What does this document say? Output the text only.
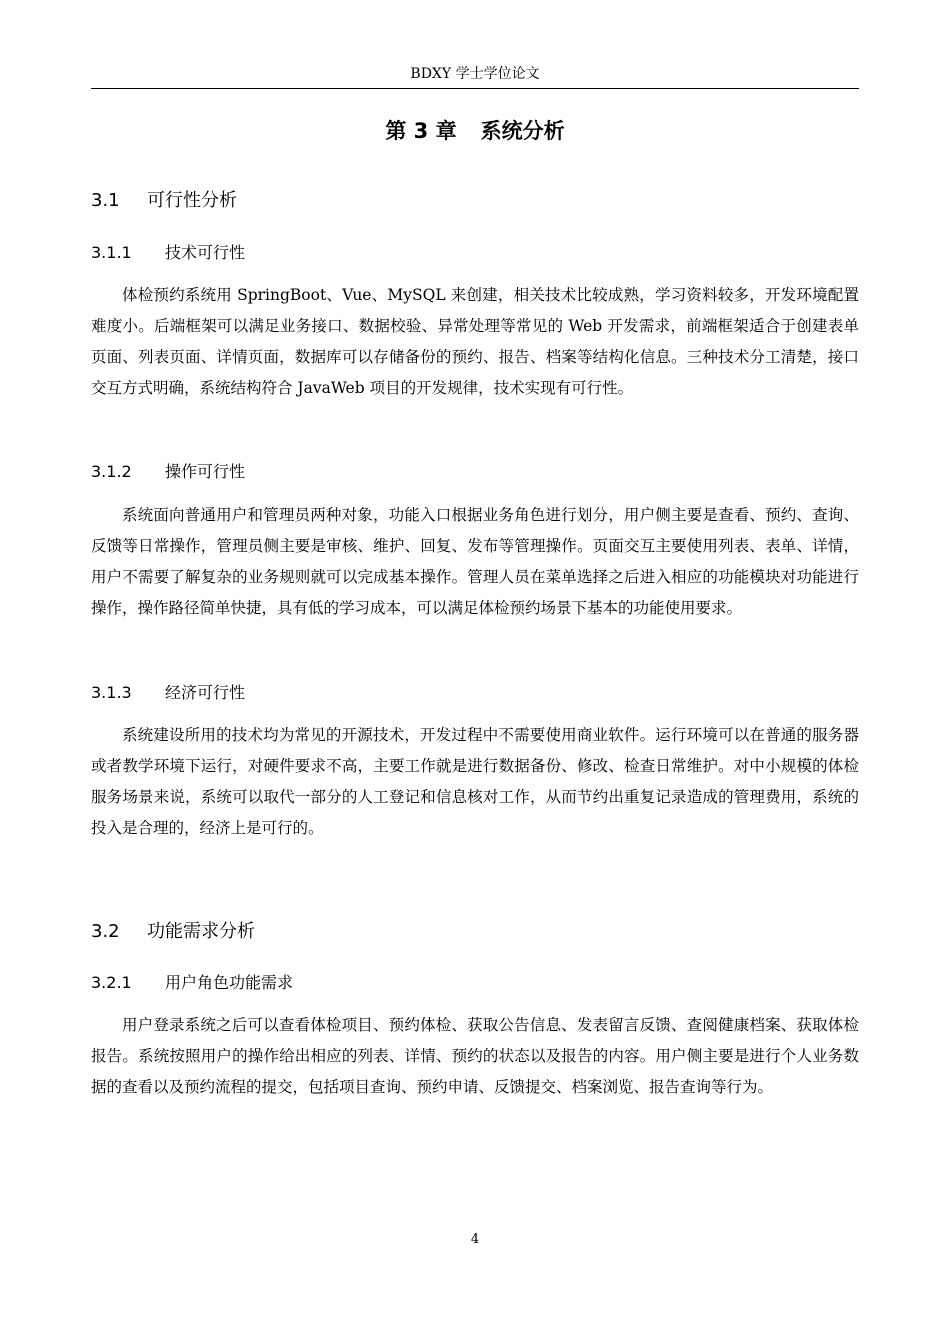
BDXY 学士学位论文
第 3 章 系统分析
3.1 可行性分析
3.1.1 技术可行性

体检预约系统用 SpringBoot、Vue、MySQL 来创建，相关技术比较成熟，学习资料较多，开发环境配置难度小。后端框架可以满足业务接口、数据校验、异常处理等常见的 Web 开发需求，前端框架适合于创建表单页面、列表页面、详情页面，数据库可以存储备份的预约、报告、档案等结构化信息。三种技术分工清楚，接口交互方式明确，系统结构符合 JavaWeb 项目的开发规律，技术实现有可行性。

3.1.2 操作可行性

系统面向普通用户和管理员两种对象，功能入口根据业务角色进行划分，用户侧主要是查看、预约、查询、反馈等日常操作，管理员侧主要是审核、维护、回复、发布等管理操作。页面交互主要使用列表、表单、详情，用户不需要了解复杂的业务规则就可以完成基本操作。管理人员在菜单选择之后进入相应的功能模块对功能进行操作，操作路径简单快捷，具有低的学习成本，可以满足体检预约场景下基本的功能使用要求。

3.1.3 经济可行性

系统建设所用的技术均为常见的开源技术，开发过程中不需要使用商业软件。运行环境可以在普通的服务器或者教学环境下运行，对硬件要求不高，主要工作就是进行数据备份、修改、检查日常维护。对中小规模的体检服务场景来说，系统可以取代一部分的人工登记和信息核对工作，从而节约出重复记录造成的管理费用，系统的投入是合理的，经济上是可行的。

3.2 功能需求分析
3.2.1 用户角色功能需求

用户登录系统之后可以查看体检项目、预约体检、获取公告信息、发表留言反馈、查阅健康档案、获取体检报告。系统按照用户的操作给出相应的列表、详情、预约的状态以及报告的内容。用户侧主要是进行个人业务数据的查看以及预约流程的提交，包括项目查询、预约申请、反馈提交、档案浏览、报告查询等行为。

4
